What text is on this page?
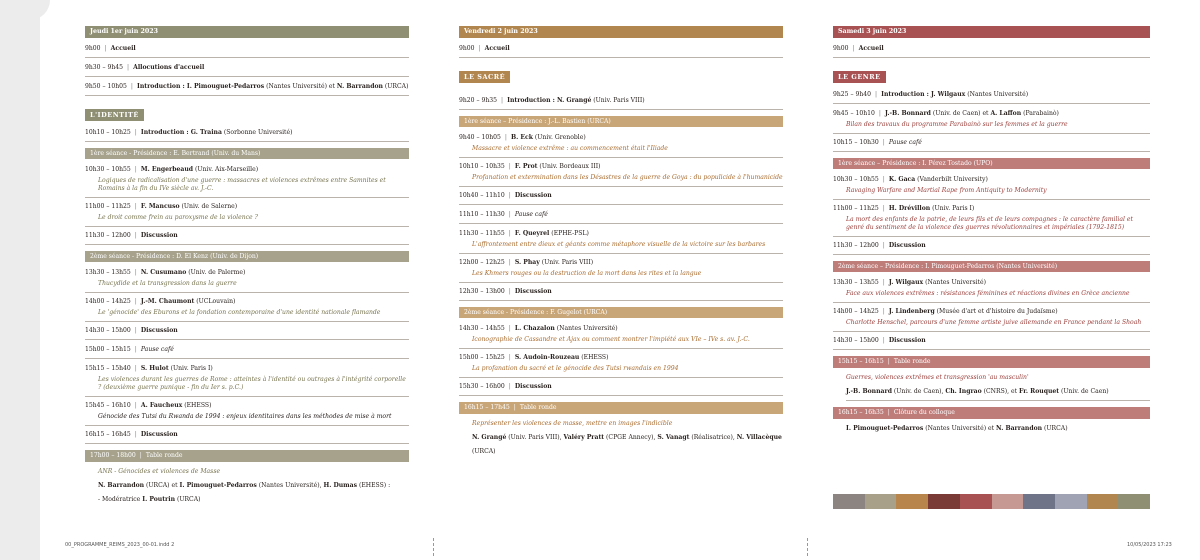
Jeudi 1er juin 2023

9h00 | Accueil

9h30 – 9h45 | Allocutions d'accueil

9h50 – 10h05 | Introduction : I. Pimouguet-Pedarros (Nantes Université) et N. Barrandon (URCA)

L'IDENTITÉ

10h10 – 10h25 | Introduction : G. Traina (Sorbonne Université)

1ère séance - Présidence : E. Bertrand (Univ. du Mans)

10h30 – 10h55 | M. Engerbeaud (Univ. Aix-Marseille)

Logiques de radicalisation d'une guerre : massacres et violences extrêmes entre Samnites et Romains à la fin du IVe siècle av. J.-C.

11h00 – 11h25 | F. Mancuso (Univ. de Salerne)

Le droit comme frein au paroxysme de la violence ?

11h30 – 12h00 | Discussion

2ème séance - Présidence : D. El Kenz (Univ. de Dijon)

13h30 – 13h55 | N. Cusumano (Univ. de Palerme)

Thucydide et la transgression dans la guerre

14h00 – 14h25 | J.-M. Chaumont (UCLouvain)

Le 'génocide' des Eburons et la fondation contemporaine d'une identité nationale flamande

14h30 – 15h00 | Discussion

15h00 – 15h15 | Pause café

15h15 – 15h40 | S. Hulot (Univ. Paris I)

Les violences durant les guerres de Rome : atteintes à l'identité ou outrages à l'intégrité corporelle ? (deuxième guerre punique - fin du Ier s. p.C.)

15h45 – 16h10 | A. Faucheux (EHESS)

Génocide des Tutsi du Rwanda de 1994 : enjeux identitaires dans les méthodes de mise à mort

16h15 – 16h45 | Discussion

17h00 – 18h00 | Table ronde

ANR - Génocides et violences de Masse

N. Barrandon (URCA) et I. Pimouguet-Pedarros (Nantes Université), H. Dumas (EHESS) :

- Modératrice I. Poutrin (URCA)

Vendredi 2 juin 2023

9h00 | Accueil

LE SACRÉ

9h20 – 9h35 | Introduction : N. Grangé (Univ. Paris VIII)

1ère séance – Présidence : J.-L. Bastien (URCA)

9h40 – 10h05 | B. Eck (Univ. Grenoble)

Massacre et violence extrême : au commencement était l'Iliade

10h10 – 10h35 | F. Prot (Univ. Bordeaux III)

Profanation et extermination dans les Désastres de la guerre de Goya : du populicide à l'humanicide

10h40 – 11h10 | Discussion

11h10 – 11h30 | Pause café

11h30 – 11h55 | F. Queyrel (EPHE-PSL)

L'affrontement entre dieux et géants comme métaphore visuelle de la victoire sur les barbares

12h00 – 12h25 | S. Phay (Univ. Paris VIII)

Les Khmers rouges ou la destruction de la mort dans les rites et la langue

12h30 – 13h00 | Discussion

2ème séance - Présidence : F. Gugelot (URCA)

14h30 – 14h55 | L. Chazalon (Nantes Université)

Iconographie de Cassandre et Ajax ou comment montrer l'impiété aux VIe – IVe s. av. J.-C.

15h00 – 15h25 | S. Audoin-Rouzeau (EHESS)

La profanation du sacré et le génocide des Tutsi rwandais en 1994

15h30 – 16h00 | Discussion

16h15 – 17h45 | Table ronde

Représenter les violences de masse, mettre en images l'indicible

N. Grangé (Univ. Paris VIII), Valéry Pratt (CPGE Annecy), S. Vanagt (Réalisatrice), N. Villacèque

(URCA)

Samedi 3 juin 2023

9h00 | Accueil

LE GENRE

9h25 – 9h40 | Introduction : J. Wilgaux (Nantes Université)

9h45 – 10h10 | J.-B. Bonnard (Univ. de Caen) et A. Laffon (Parabainò)

Bilan des travaux du programme Parabainò sur les femmes et la guerre

10h15 – 10h30 | Pause café

1ère séance – Présidence : I. Pérez Tostado (UPO)

10h30 – 10h55 | K. Gaca (Vanderbilt University)

Ravaging Warfare and Martial Rape from Antiquity to Modernity

11h00 – 11h25 | H. Drévillon (Univ. Paris I)

La mort des enfants de la patrie, de leurs fils et de leurs compagnes : le caractère familial et genré du sentiment de la violence des guerres révolutionnaires et impériales (1792-1815)

11h30 – 12h00 | Discussion

2ème séance – Présidence : I. Pimouguet-Pedarros (Nantes Université)

13h30 – 13h55 | J. Wilgaux (Nantes Université)

Face aux violences extrêmes : résistances féminines et réactions divines en Grèce ancienne

14h00 – 14h25 | J. Lindenberg (Musée d'art et d'histoire du Judaïsme)

Charlotte Henschel, parcours d'une femme artiste juive allemande en France pendant la Shoah

14h30 – 15h00 | Discussion

15h15 – 16h15 | Table ronde

Guerres, violences extrêmes et transgression 'au masculin'

J.-B. Bonnard (Univ. de Caen), Ch. Ingrao (CNRS), et Fr. Rouquet (Univ. de Caen)

16h15 – 16h35 | Clôture du colloque

I. Pimouguet-Pedarros (Nantes Université) et N. Barrandon (URCA)

00_PROGRAMME_REIMS_2023_00-01.indd 2	10/05/2023 17:23
